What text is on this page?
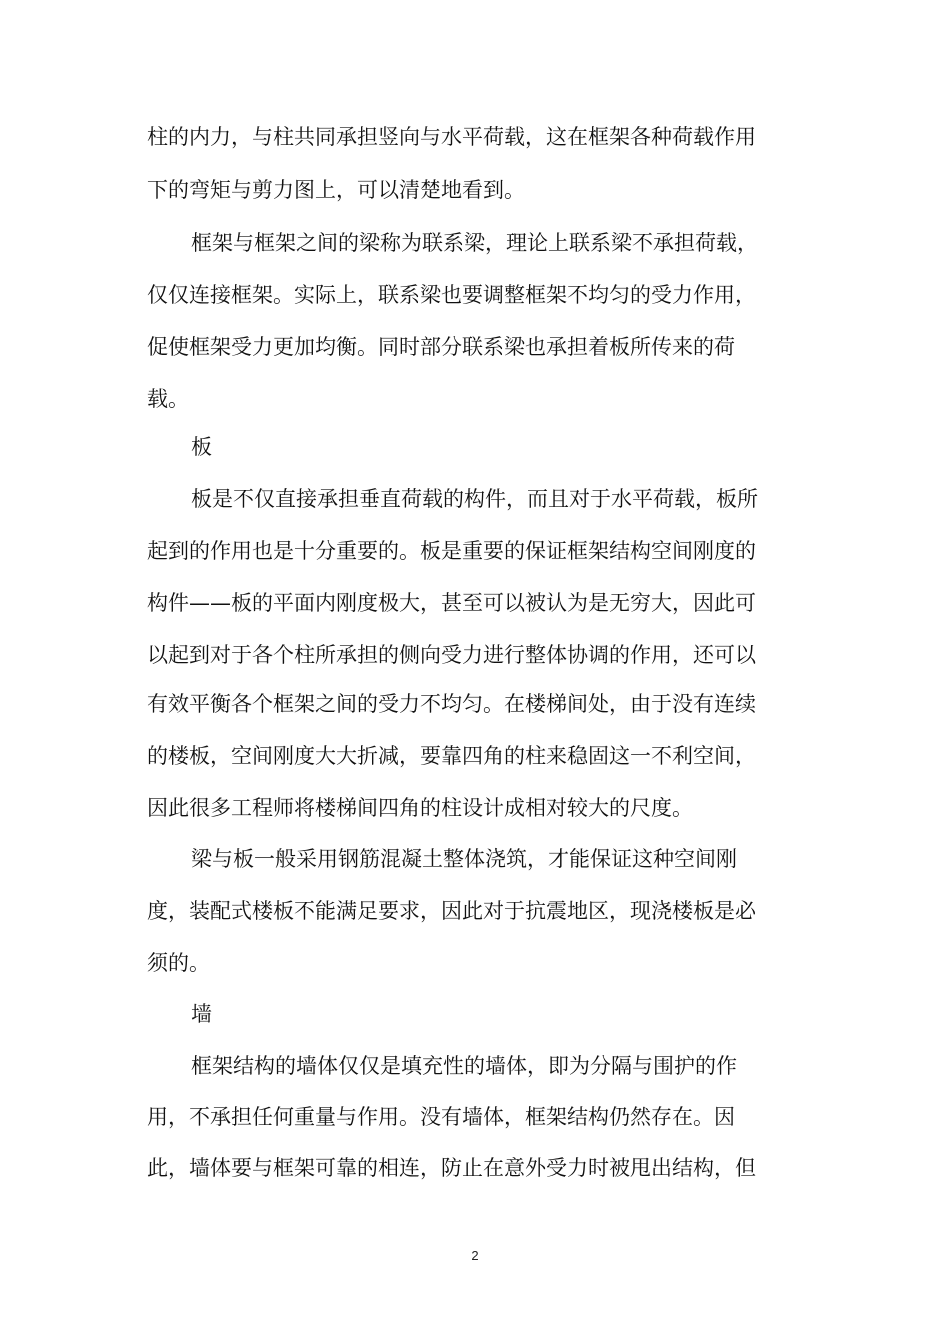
柱的内力，与柱共同承担竖向与水平荷载，这在框架各种荷载作用
下的弯矩与剪力图上，可以清楚地看到。
框架与框架之间的梁称为联系梁，理论上联系梁不承担荷载，
仅仅连接框架。实际上，联系梁也要调整框架不均匀的受力作用，
促使框架受力更加均衡。同时部分联系梁也承担着板所传来的荷
载。
板
板是不仅直接承担垂直荷载的构件，而且对于水平荷载，板所
起到的作用也是十分重要的。板是重要的保证框架结构空间刚度的
构件——板的平面内刚度极大，甚至可以被认为是无穷大，因此可
以起到对于各个柱所承担的侧向受力进行整体协调的作用，还可以
有效平衡各个框架之间的受力不均匀。在楼梯间处，由于没有连续
的楼板，空间刚度大大折减，要靠四角的柱来稳固这一不利空间，
因此很多工程师将楼梯间四角的柱设计成相对较大的尺度。
梁与板一般采用钢筋混凝土整体浇筑，才能保证这种空间刚
度，装配式楼板不能满足要求，因此对于抗震地区，现浇楼板是必
须的。
墙
框架结构的墙体仅仅是填充性的墙体，即为分隔与围护的作
用，不承担任何重量与作用。没有墙体，框架结构仍然存在。因
此，墙体要与框架可靠的相连，防止在意外受力时被甩出结构，但
2
